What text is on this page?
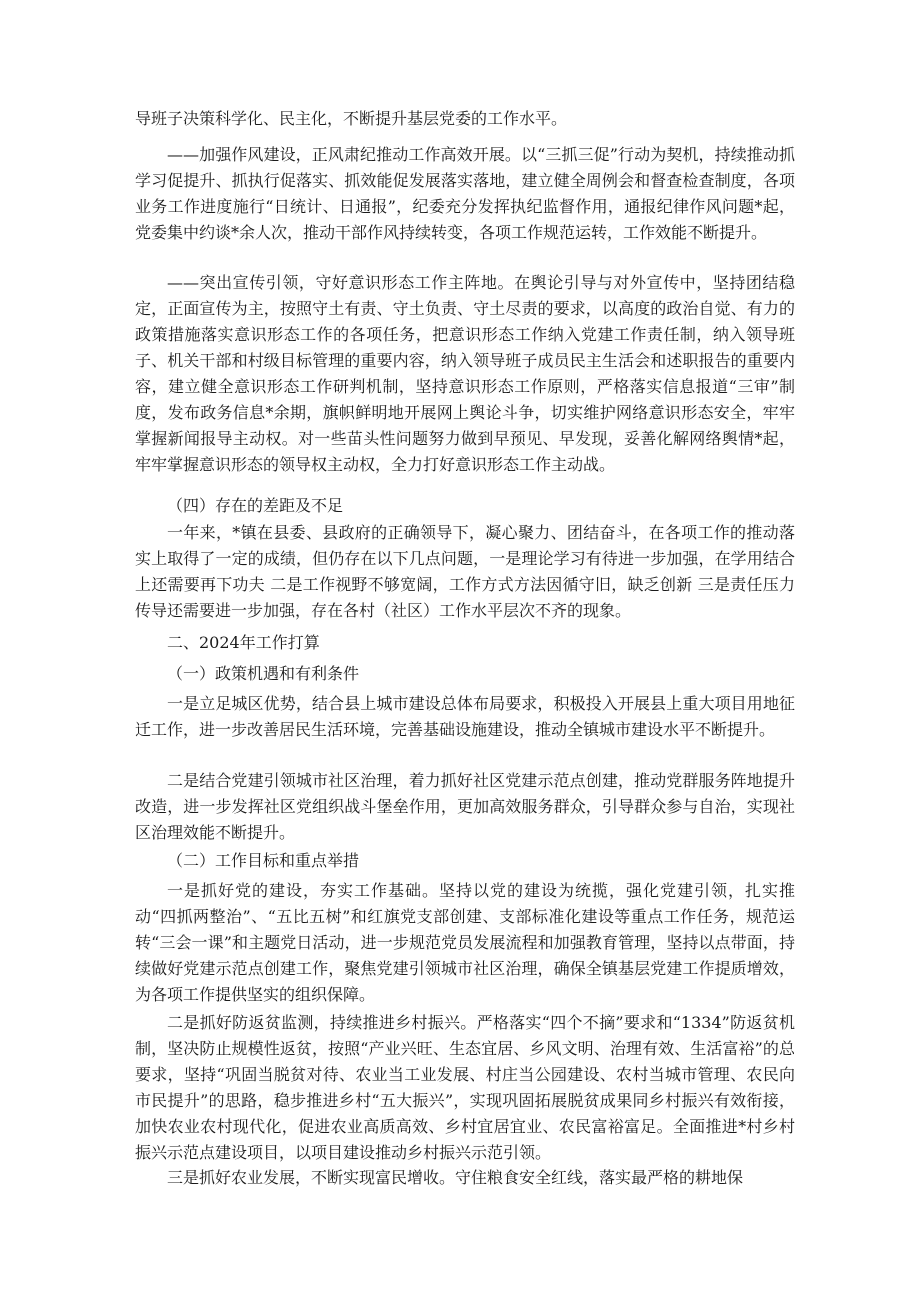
导班子决策科学化、民主化，不断提升基层党委的工作水平。

——加强作风建设，正风肃纪推动工作高效开展。以“三抓三促”行动为契机，持续推动抓学习促提升、抓执行促落实、抓效能促发展落实落地，建立健全周例会和督查检查制度，各项业务工作进度施行“日统计、日通报”，纪委充分发挥执纪监督作用，通报纪律作风问题*起，党委集中约谈*余人次，推动干部作风持续转变，各项工作规范运转，工作效能不断提升。

——突出宣传引领，守好意识形态工作主阵地。在舆论引导与对外宣传中，坚持团结稳定，正面宣传为主，按照守土有责、守土负责、守土尽责的要求，以高度的政治自觉、有力的政策措施落实意识形态工作的各项任务，把意识形态工作纳入党建工作责任制，纳入领导班子、机关干部和村级目标管理的重要内容，纳入领导班子成员民主生活会和述职报告的重要内容，建立健全意识形态工作研判机制，坚持意识形态工作原则，严格落实信息报道“三审”制度，发布政务信息*余期，旗帜鲜明地开展网上舆论斗争，切实维护网络意识形态安全，牢牢掌握新闻报导主动权。对一些苗头性问题努力做到早预见、早发现，妥善化解网络舆情*起，牢牢掌握意识形态的领导权主动权，全力打好意识形态工作主动战。

（四）存在的差距及不足

一年来，*镇在县委、县政府的正确领导下，凝心聚力、团结奋斗，在各项工作的推动落实上取得了一定的成绩，但仍存在以下几点问题，一是理论学习有待进一步加强，在学用结合上还需要再下功夫 二是工作视野不够宽阔，工作方式方法因循守旧，缺乏创新 三是责任压力传导还需要进一步加强，存在各村（社区）工作水平层次不齐的现象。

二、2024年工作打算

（一）政策机遇和有利条件

一是立足城区优势，结合县上城市建设总体布局要求，积极投入开展县上重大项目用地征迁工作，进一步改善居民生活环境，完善基础设施建设，推动全镇城市建设水平不断提升。

二是结合党建引领城市社区治理，着力抓好社区党建示范点创建，推动党群服务阵地提升改造，进一步发挥社区党组织战斗堡垒作用，更加高效服务群众，引导群众参与自治，实现社区治理效能不断提升。

（二）工作目标和重点举措

一是抓好党的建设，夯实工作基础。坚持以党的建设为统揽，强化党建引领，扎实推动“四抓两整治”、“五比五树”和红旗党支部创建、支部标准化建设等重点工作任务，规范运转“三会一课”和主题党日活动，进一步规范党员发展流程和加强教育管理，坚持以点带面，持续做好党建示范点创建工作，聚焦党建引领城市社区治理，确保全镇基层党建工作提质增效，为各项工作提供坚实的组织保障。

二是抓好防返贫监测，持续推进乡村振兴。严格落实“四个不摘”要求和“1334”防返贫机制，坚决防止规模性返贫，按照“产业兴旺、生态宜居、乡风文明、治理有效、生活富裕”的总要求，坚持“巩固当脱贫对待、农业当工业发展、村庄当公园建设、农村当城市管理、农民向市民提升”的思路，稳步推进乡村“五大振兴”，实现巩固拓展脱贫成果同乡村振兴有效衔接，加快农业农村现代化，促进农业高质高效、乡村宜居宜业、农民富裕富足。全面推进*村乡村振兴示范点建设项目，以项目建设推动乡村振兴示范引领。

三是抓好农业发展，不断实现富民增收。守住粮食安全红线，落实最严格的耕地保
